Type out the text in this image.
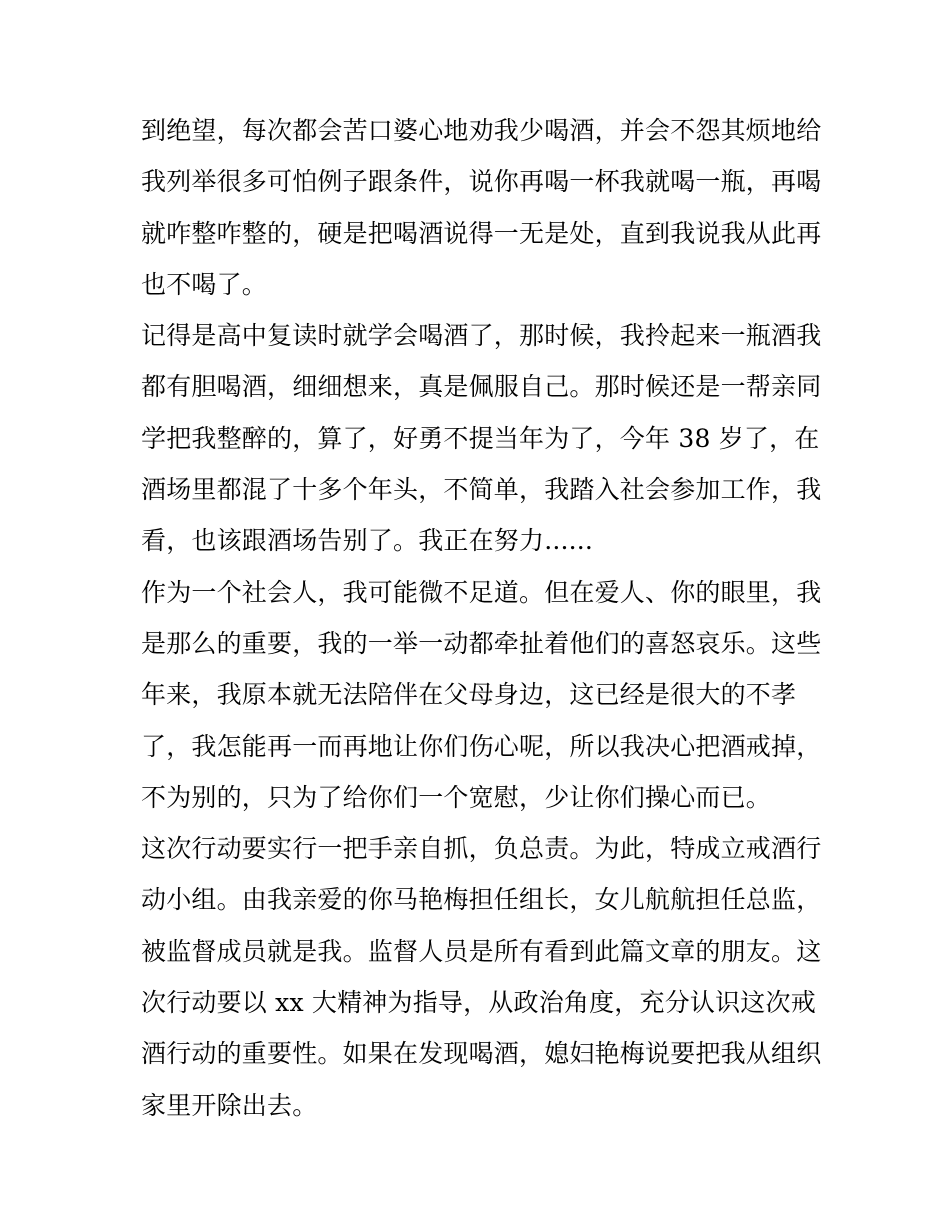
到绝望，每次都会苦口婆心地劝我少喝酒，并会不怨其烦地给
我列举很多可怕例子跟条件，说你再喝一杯我就喝一瓶，再喝
就咋整咋整的，硬是把喝酒说得一无是处，直到我说我从此再
也不喝了。

记得是高中复读时就学会喝酒了，那时候，我拎起来一瓶酒我
都有胆喝酒，细细想来，真是佩服自己。那时候还是一帮亲同
学把我整醉的，算了，好勇不提当年为了，今年 38 岁了，在
酒场里都混了十多个年头，不简单，我踏入社会参加工作，我
看，也该跟酒场告别了。我正在努力......

作为一个社会人，我可能微不足道。但在爱人、你的眼里，我
是那么的重要，我的一举一动都牵扯着他们的喜怒哀乐。这些
年来，我原本就无法陪伴在父母身边，这已经是很大的不孝
了，我怎能再一而再地让你们伤心呢，所以我决心把酒戒掉，
不为别的，只为了给你们一个宽慰，少让你们操心而已。

这次行动要实行一把手亲自抓，负总责。为此，特成立戒酒行
动小组。由我亲爱的你马艳梅担任组长，女儿航航担任总监，
被监督成员就是我。监督人员是所有看到此篇文章的朋友。这
次行动要以 xx 大精神为指导，从政治角度，充分认识这次戒
酒行动的重要性。如果在发现喝酒，媳妇艳梅说要把我从组织
家里开除出去。
